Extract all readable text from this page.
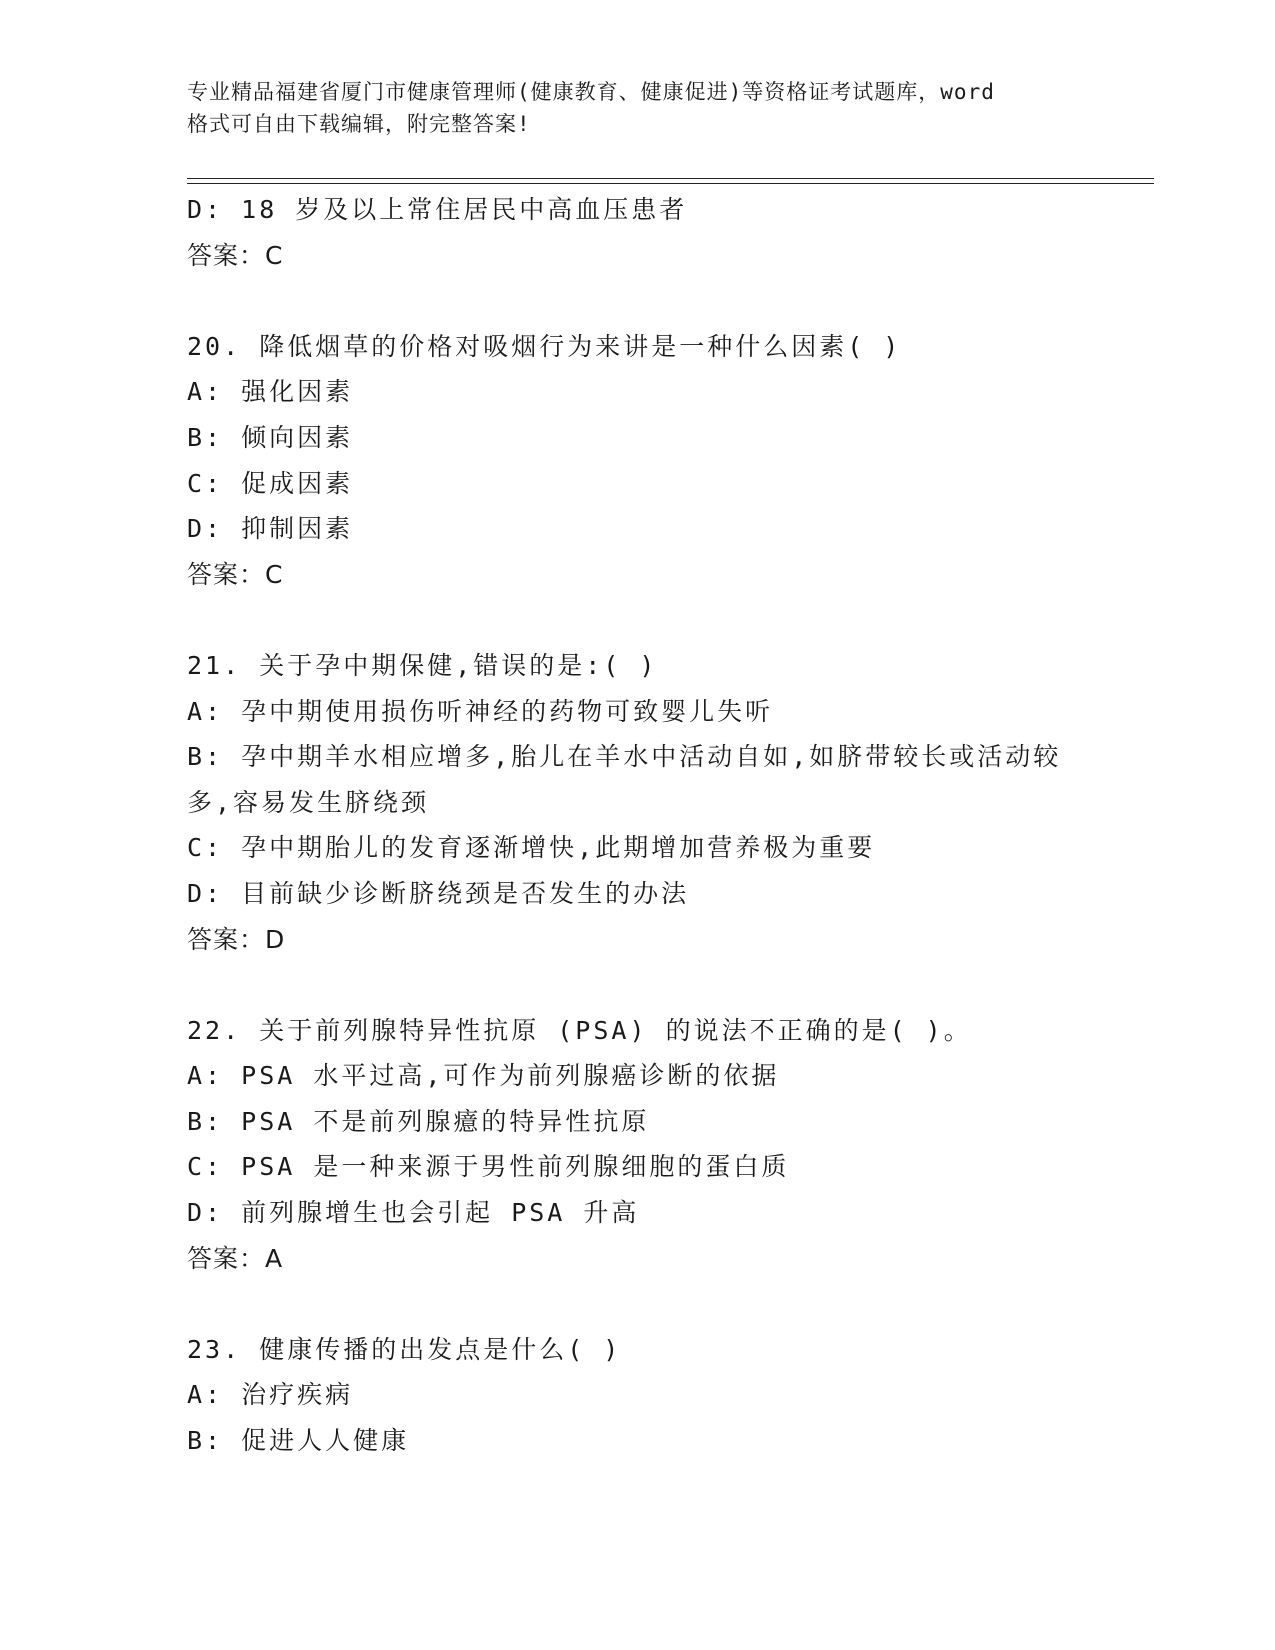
专业精品福建省厦门市健康管理师(健康教育、健康促进)等资格证考试题库，word
格式可自由下载编辑，附完整答案!
D: 18 岁及以上常住居民中高血压患者
答案：C
20. 降低烟草的价格对吸烟行为来讲是一种什么因素( )
A: 强化因素
B: 倾向因素
C: 促成因素
D: 抑制因素
答案：C
21. 关于孕中期保健,错误的是:( )
A: 孕中期使用损伤听神经的药物可致婴儿失听
B: 孕中期羊水相应增多,胎儿在羊水中活动自如,如脐带较长或活动较
多,容易发生脐绕颈
C: 孕中期胎儿的发育逐渐增快,此期增加营养极为重要
D: 目前缺少诊断脐绕颈是否发生的办法
答案：D
22. 关于前列腺特异性抗原 (PSA) 的说法不正确的是( )。
A: PSA 水平过高,可作为前列腺癌诊断的依据
B: PSA 不是前列腺癔的特异性抗原
C: PSA 是一种来源于男性前列腺细胞的蛋白质
D: 前列腺增生也会引起 PSA 升高
答案：A
23. 健康传播的出发点是什么( )
A: 治疗疾病
B: 促进人人健康
